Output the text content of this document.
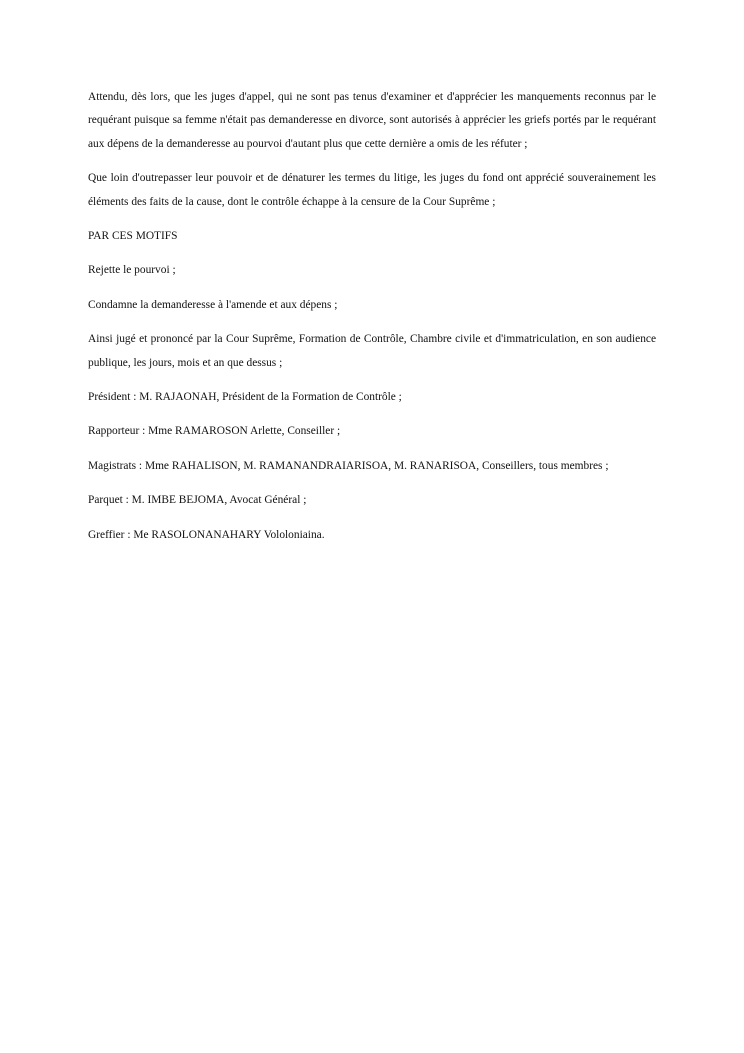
Attendu, dès lors, que les juges d'appel, qui ne sont pas tenus d'examiner et d'apprécier les manquements reconnus par le requérant puisque sa femme n'était pas demanderesse en divorce, sont autorisés à apprécier les griefs portés par le requérant aux dépens de la demanderesse au pourvoi d'autant plus que cette dernière a omis de les réfuter ;

Que loin d'outrepasser leur pouvoir et de dénaturer les termes du litige, les juges du fond ont apprécié souverainement les éléments des faits de la cause, dont le contrôle échappe à la censure de la Cour Suprême ;

PAR CES MOTIFS

Rejette le pourvoi ;

Condamne la demanderesse à l'amende et aux dépens ;

Ainsi jugé et prononcé par la Cour Suprême, Formation de Contrôle, Chambre civile et d'immatriculation, en son audience publique, les jours, mois et an que dessus ;

Président : M. RAJAONAH, Président de la Formation de Contrôle ;

Rapporteur : Mme RAMAROSON Arlette, Conseiller ;

Magistrats : Mme RAHALISON, M. RAMANANDRAIARISOA, M. RANARISOA, Conseillers, tous membres ;

Parquet : M. IMBE BEJOMA, Avocat Général ;

Greffier : Me RASOLONANAHARY Vololoniaina.
